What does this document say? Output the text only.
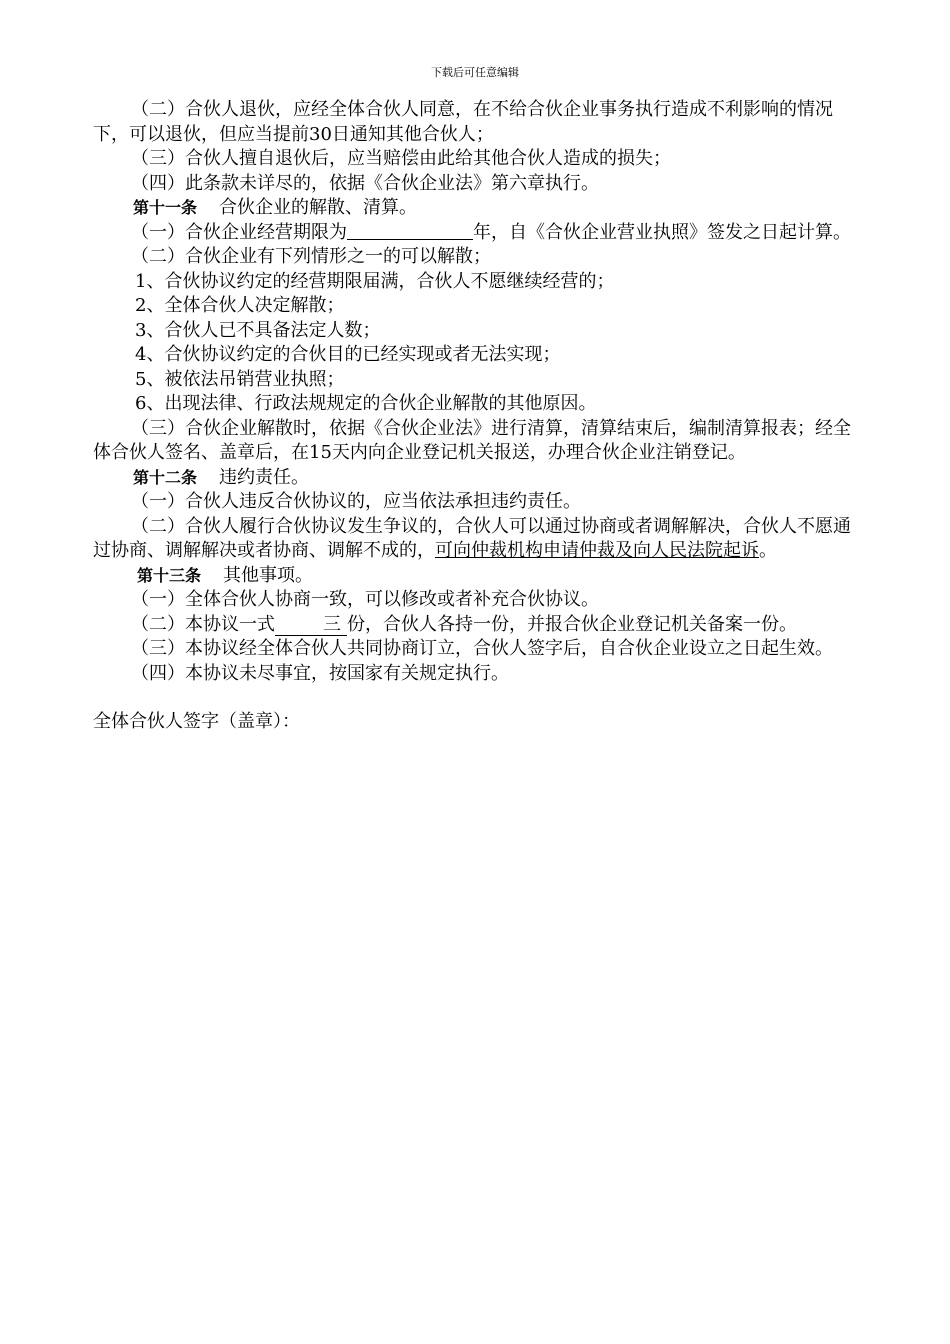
下载后可任意编辑

（二）合伙人退伙，应经全体合伙人同意，在不给合伙企业事务执行造成不利影响的情况下，可以退伙，但应当提前30日通知其他合伙人；

（三）合伙人擅自退伙后，应当赔偿由此给其他合伙人造成的损失；

（四）此条款未详尽的，依据《合伙企业法》第六章执行。

第十一条 合伙企业的解散、清算。

（一）合伙企业经营期限为	年，自《合伙企业营业执照》签发之日起计算。

（二）合伙企业有下列情形之一的可以解散；

1、合伙协议约定的经营期限届满，合伙人不愿继续经营的；

2、全体合伙人决定解散；

3、合伙人已不具备法定人数；

4、合伙协议约定的合伙目的已经实现或者无法实现；

5、被依法吊销营业执照；

6、出现法律、行政法规规定的合伙企业解散的其他原因。

（三）合伙企业解散时，依据《合伙企业法》进行清算，清算结束后，编制清算报表；经全体合伙人签名、盖章后，在15天内向企业登记机关报送，办理合伙企业注销登记。

第十二条 违约责任。

（一）合伙人违反合伙协议的，应当依法承担违约责任。

（二）合伙人履行合伙协议发生争议的，合伙人可以通过协商或者调解解决，合伙人不愿通过协商、调解解决或者协商、调解不成的，可向仲裁机构申请仲裁及向人民法院起诉。

第十三条 其他事项。

（一）全体合伙人协商一致，可以修改或者补充合伙协议。

（二）本协议一式	三 份，合伙人各持一份，并报合伙企业登记机关备案一份。

（三）本协议经全体合伙人共同协商订立，合伙人签字后，自合伙企业设立之日起生效。

（四）本协议未尽事宜，按国家有关规定执行。

全体合伙人签字（盖章）：
